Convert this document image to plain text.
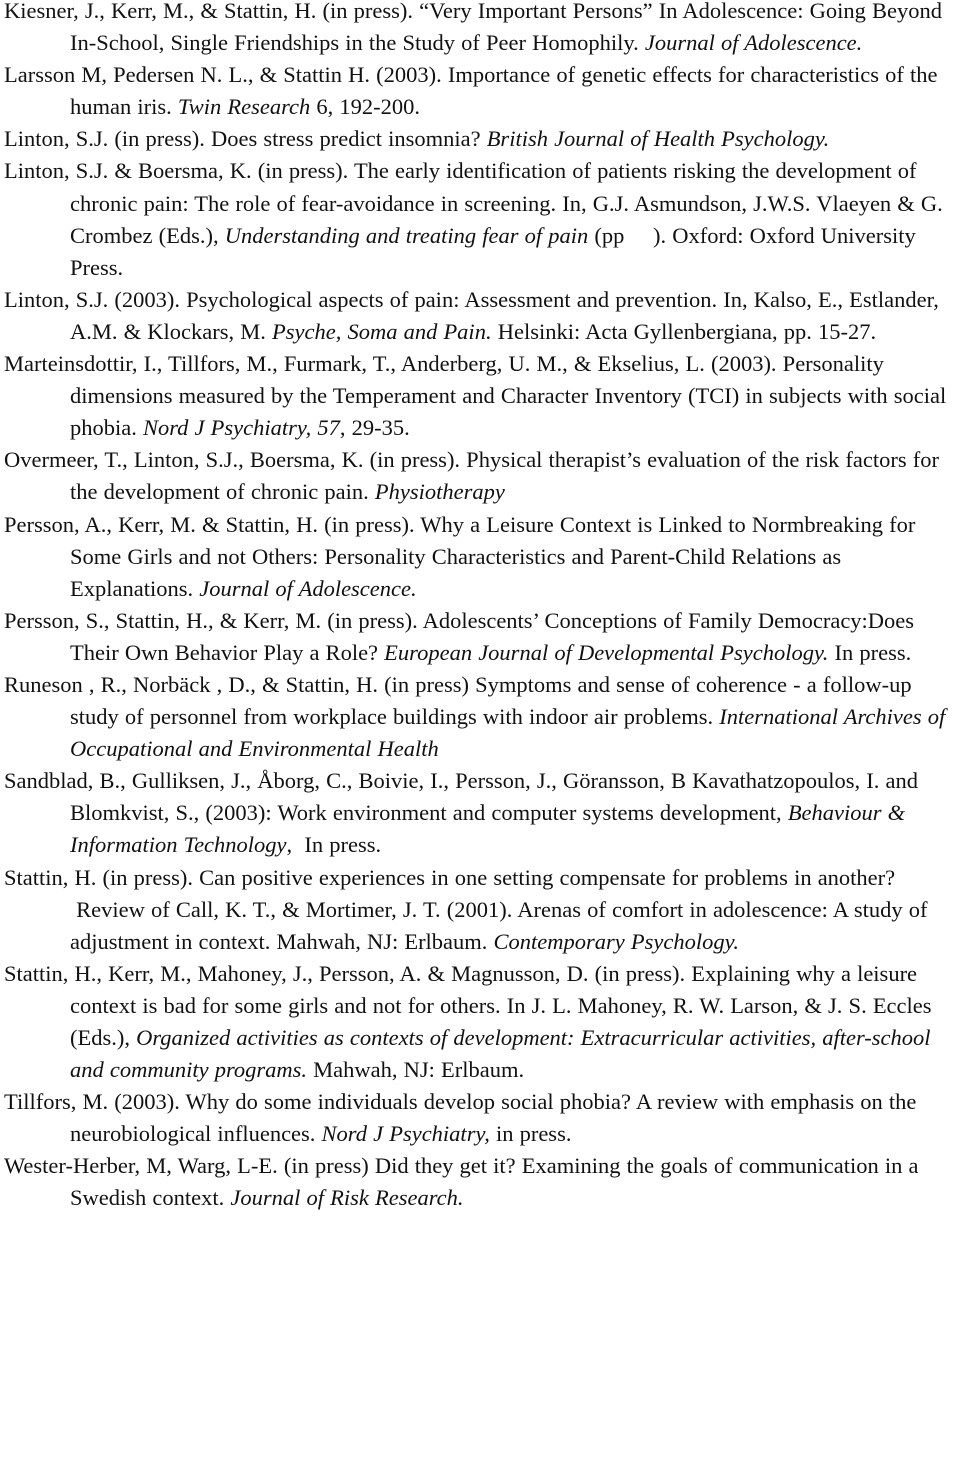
Kiesner, J., Kerr, M., & Stattin, H. (in press). “Very Important Persons” In Adolescence: Going Beyond In-School, Single Friendships in the Study of Peer Homophily. Journal of Adolescence.

Larsson M, Pedersen N. L., & Stattin H. (2003). Importance of genetic effects for characteristics of the human iris. Twin Research 6, 192-200.

Linton, S.J. (in press). Does stress predict insomnia? British Journal of Health Psychology.

Linton, S.J. & Boersma, K. (in press). The early identification of patients risking the development of chronic pain: The role of fear-avoidance in screening. In, G.J. Asmundson, J.W.S. Vlaeyen & G. Crombez (Eds.), Understanding and treating fear of pain (pp  ). Oxford: Oxford University Press.

Linton, S.J. (2003). Psychological aspects of pain: Assessment and prevention. In, Kalso, E., Estlander, A.M. & Klockars, M. Psyche, Soma and Pain. Helsinki: Acta Gyllenbergiana, pp. 15-27.

Marteinsdottir, I., Tillfors, M., Furmark, T., Anderberg, U. M., & Ekselius, L. (2003). Personality dimensions measured by the Temperament and Character Inventory (TCI) in subjects with social phobia. Nord J Psychiatry, 57, 29-35.

Overmeer, T., Linton, S.J., Boersma, K. (in press). Physical therapist’s evaluation of the risk factors for the development of chronic pain. Physiotherapy

Persson, A., Kerr, M. & Stattin, H. (in press). Why a Leisure Context is Linked to Normbreaking for Some Girls and not Others: Personality Characteristics and Parent-Child Relations as Explanations. Journal of Adolescence.

Persson, S., Stattin, H., & Kerr, M. (in press). Adolescents’ Conceptions of Family Democracy:Does Their Own Behavior Play a Role? European Journal of Developmental Psychology. In press.

Runeson , R., Norbäck , D., & Stattin, H. (in press) Symptoms and sense of coherence - a follow-up study of personnel from workplace buildings with indoor air problems. International Archives of Occupational and Environmental Health

Sandblad, B., Gulliksen, J., Åborg, C., Boivie, I., Persson, J., Göransson, B Kavathatzopoulos, I. and Blomkvist, S., (2003): Work environment and computer systems development, Behaviour & Information Technology,  In press.

Stattin, H. (in press). Can positive experiences in one setting compensate for problems in another?  Review of Call, K. T., & Mortimer, J. T. (2001). Arenas of comfort in adolescence: A study of adjustment in context. Mahwah, NJ: Erlbaum. Contemporary Psychology.

Stattin, H., Kerr, M., Mahoney, J., Persson, A. & Magnusson, D. (in press). Explaining why a leisure context is bad for some girls and not for others. In J. L. Mahoney, R. W. Larson, & J. S. Eccles (Eds.), Organized activities as contexts of development: Extracurricular activities, after-school and community programs. Mahwah, NJ: Erlbaum.

Tillfors, M. (2003). Why do some individuals develop social phobia? A review with emphasis on the neurobiological influences. Nord J Psychiatry, in press.

Wester-Herber, M, Warg, L-E. (in press) Did they get it? Examining the goals of communication in a Swedish context. Journal of Risk Research.
